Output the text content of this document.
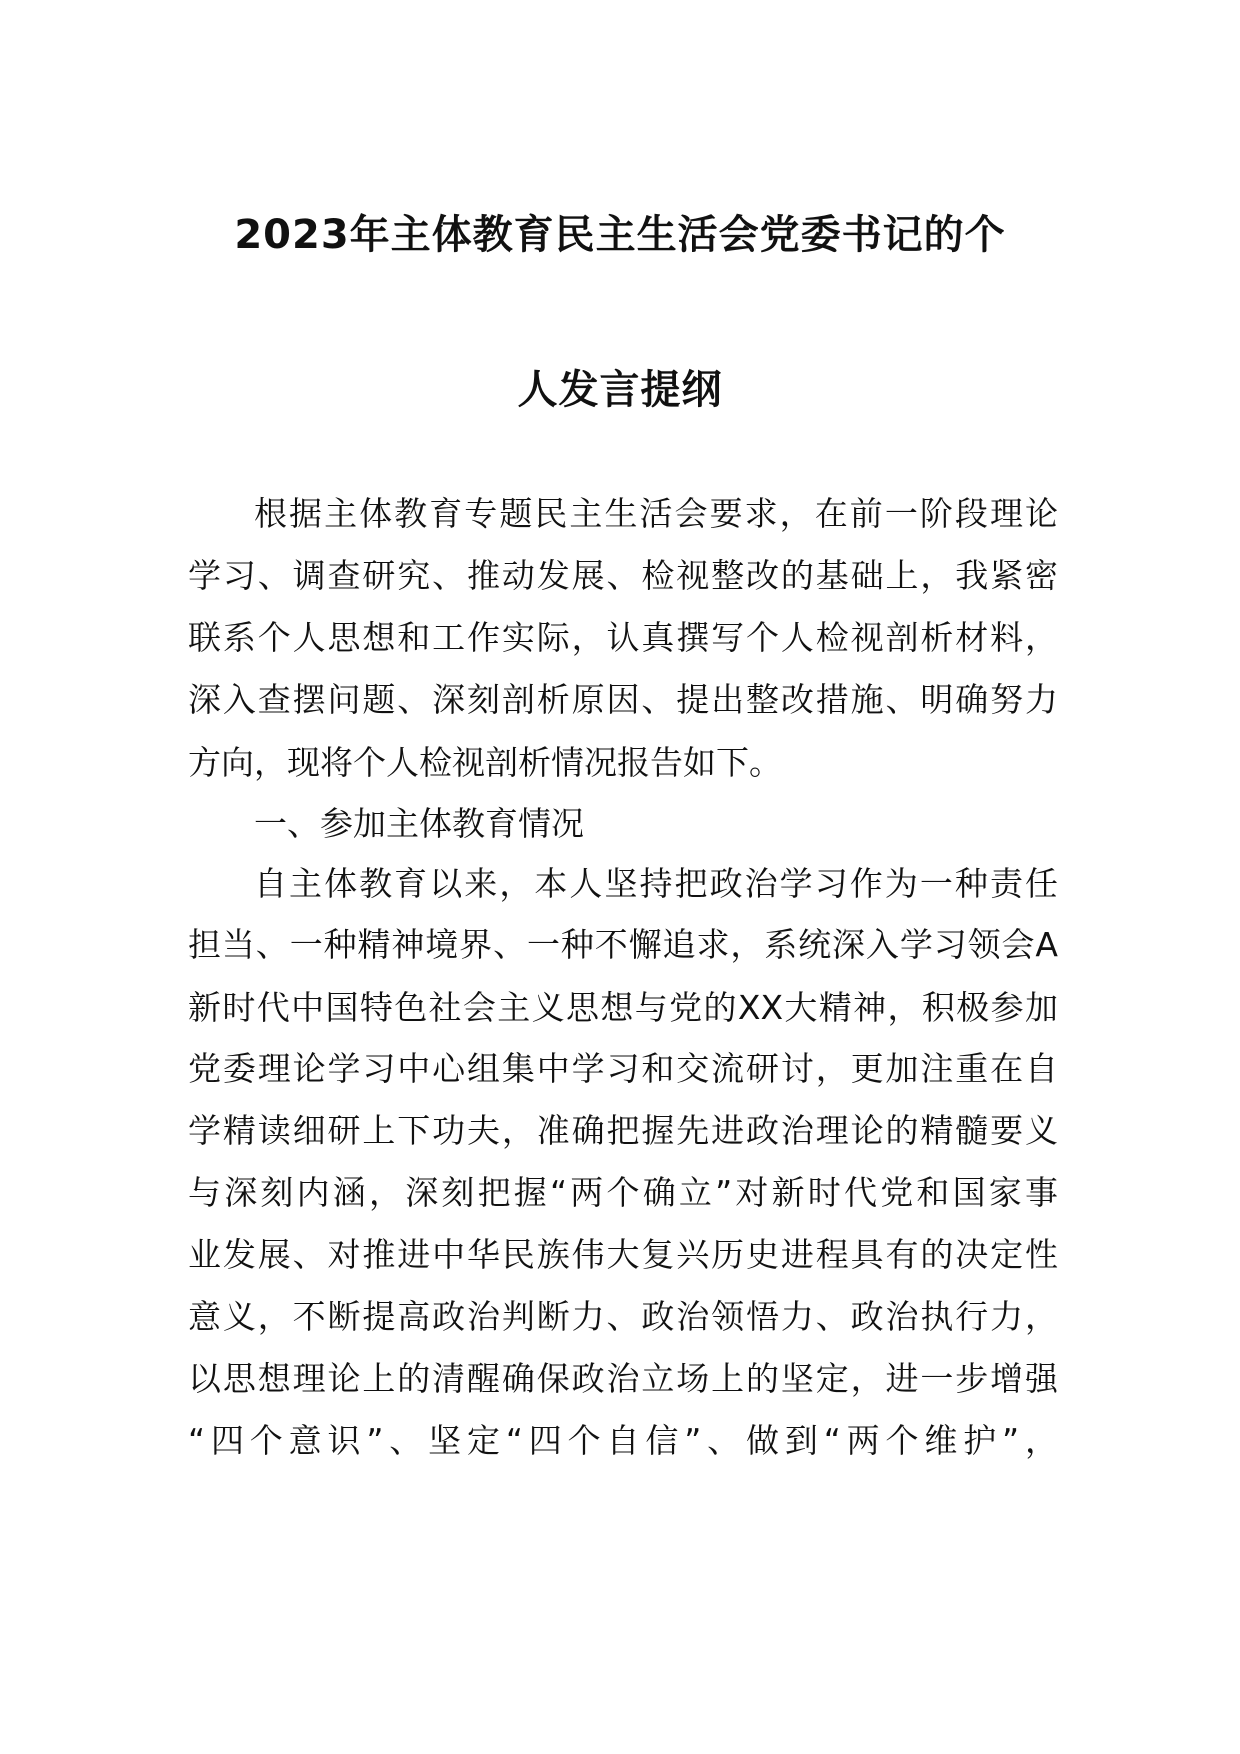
2023年主体教育民主生活会党委书记的个
人发言提纲

根据主体教育专题民主生活会要求，在前一阶段理论

学习、调查研究、推动发展、检视整改的基础上，我紧密

联系个人思想和工作实际，认真撰写个人检视剖析材料，

深入查摆问题、深刻剖析原因、提出整改措施、明确努力

方向，现将个人检视剖析情况报告如下。

一、参加主体教育情况

自主体教育以来，本人坚持把政治学习作为一种责任

担当、一种精神境界、一种不懈追求，系统深入学习领会A

新时代中国特色社会主义思想与党的XX大精神，积极参加

党委理论学习中心组集中学习和交流研讨，更加注重在自

学精读细研上下功夫，准确把握先进政治理论的精髓要义

与深刻内涵，深刻把握“两个确立”对新时代党和国家事

业发展、对推进中华民族伟大复兴历史进程具有的决定性

意义，不断提高政治判断力、政治领悟力、政治执行力，

以思想理论上的清醒确保政治立场上的坚定，进一步增强

“四个意识”、坚定“四个自信”、做到“两个维护”，
